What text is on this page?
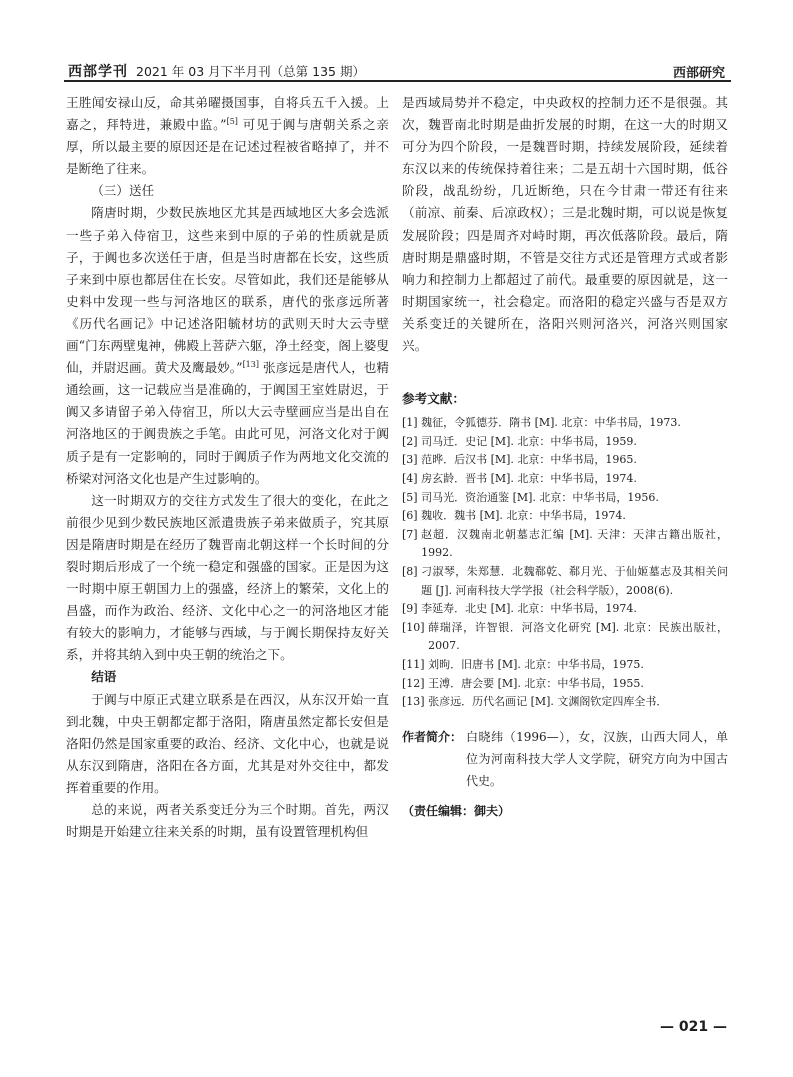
西部学刊 2021 年 03 月下半月刊（总第 135 期）	西部研究

王胜闻安禄山反，命其弟曜摄国事，自将兵五千入援。上嘉之，拜特进，兼殿中监。”[5] 可见于阗与唐朝关系之亲厚，所以最主要的原因还是在记述过程被省略掉了，并不是断绝了往来。

（三）送任

隋唐时期，少数民族地区尤其是西域地区大多会选派一些子弟入侍宿卫，这些来到中原的子弟的性质就是质子，于阗也多次送任于唐，但是当时唐都在长安，这些质子来到中原也都居住在长安。尽管如此，我们还是能够从史料中发现一些与河洛地区的联系，唐代的张彦远所著《历代名画记》中记述洛阳毓材坊的武则天时大云寺壁画“门东两壁鬼神，佛殿上菩萨六躯，净土经变，阁上婆叟仙，并尉迟画。黄犬及鹰最妙。”[13] 张彦远是唐代人，也精通绘画，这一记载应当是准确的，于阗国王室姓尉迟，于阗又多请留子弟入侍宿卫，所以大云寺壁画应当是出自在河洛地区的于阗贵族之手笔。由此可见，河洛文化对于阗质子是有一定影响的，同时于阗质子作为两地文化交流的桥梁对河洛文化也是产生过影响的。

这一时期双方的交往方式发生了很大的变化，在此之前很少见到少数民族地区派遣贵族子弟来做质子，究其原因是隋唐时期是在经历了魏晋南北朝这样一个长时间的分裂时期后形成了一个统一稳定和强盛的国家。正是因为这一时期中原王朝国力上的强盛，经济上的繁荣，文化上的昌盛，而作为政治、经济、文化中心之一的河洛地区才能有较大的影响力，才能够与西域，与于阗长期保持友好关系，并将其纳入到中央王朝的统治之下。

结语

于阗与中原正式建立联系是在西汉，从东汉开始一直到北魏，中央王朝都定都于洛阳，隋唐虽然定都长安但是洛阳仍然是国家重要的政治、经济、文化中心，也就是说从东汉到隋唐，洛阳在各方面，尤其是对外交往中，都发挥着重要的作用。

总的来说，两者关系变迁分为三个时期。首先，两汉时期是开始建立往来关系的时期，虽有设置管理机构但

是西域局势并不稳定，中央政权的控制力还不是很强。其次，魏晋南北时期是曲折发展的时期，在这一大的时期又可分为四个阶段，一是魏晋时期，持续发展阶段，延续着东汉以来的传统保持着往来；二是五胡十六国时期，低谷阶段，战乱纷纷，几近断绝，只在今甘肃一带还有往来（前凉、前秦、后凉政权）；三是北魏时期，可以说是恢复发展阶段；四是周齐对峙时期，再次低落阶段。最后，隋唐时期是鼎盛时期，不管是交往方式还是管理方式或者影响力和控制力上都超过了前代。最重要的原因就是，这一时期国家统一，社会稳定。而洛阳的稳定兴盛与否是双方关系变迁的关键所在，洛阳兴则河洛兴，河洛兴则国家兴。

参考文献：

[1] 魏征，令狐德芬．隋书 [M]. 北京：中华书局，1973.
[2] 司马迁．史记 [M]. 北京：中华书局，1959.
[3] 范晔．后汉书 [M]. 北京：中华书局，1965.
[4] 房玄龄．晋书 [M]. 北京：中华书局，1974.
[5] 司马光．资治通鉴 [M]. 北京：中华书局，1956.
[6] 魏收．魏书 [M]. 北京：中华书局，1974.
[7] 赵超．汉魏南北朝墓志汇编 [M]. 天津：天津古籍出版社，1992.
[8] 刁淑琴，朱郑慧．北魏郗乾、郗月光、于仙姬墓志及其相关问题 [J]. 河南科技大学学报（社会科学版），2008(6).
[9] 李延寿．北史 [M]. 北京：中华书局，1974.
[10] 薛瑞泽，许智银．河洛文化研究 [M]. 北京：民族出版社，2007.
[11] 刘昫．旧唐书 [M]. 北京：中华书局，1975.
[12] 王溥．唐会要 [M]. 北京：中华书局，1955.
[13] 张彦远．历代名画记 [M]. 文渊阁钦定四库全书．
作者简介： 白晓纬（1996—），女，汉族，山西大同人，单位为河南科技大学人文学院，研究方向为中国古代史。

（责任编辑：御夫）

— 021 —
